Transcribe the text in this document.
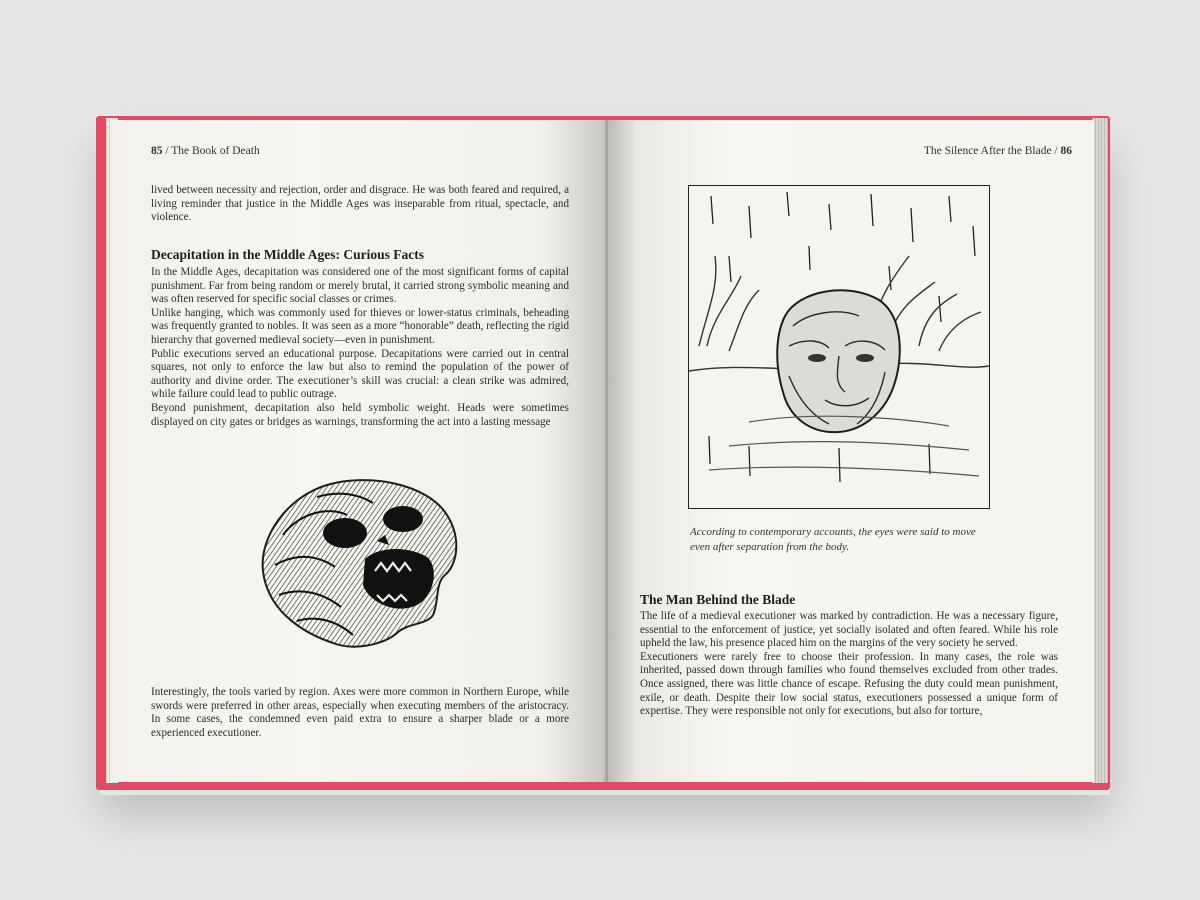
85 / The Book of Death

lived between necessity and rejection, order and disgrace. He was both feared and required, a living reminder that justice in the Middle Ages was inseparable from ritual, spectacle, and violence.

Decapitation in the Middle Ages: Curious Facts

In the Middle Ages, decapitation was considered one of the most significant forms of capital punishment. Far from being random or merely brutal, it carried strong symbolic meaning and was often reserved for specific social classes or crimes.

Unlike hanging, which was commonly used for thieves or lower-status criminals, beheading was frequently granted to nobles. It was seen as a more “honorable” death, reflecting the rigid hierarchy that governed medieval society—even in punishment.

Public executions served an educational purpose. Decapitations were carried out in central squares, not only to enforce the law but also to remind the population of the power of authority and divine order. The executioner’s skill was crucial: a clean strike was admired, while failure could lead to public outrage.

Beyond punishment, decapitation also held symbolic weight. Heads were sometimes displayed on city gates or bridges as warnings, transforming the act into a lasting message

Interestingly, the tools varied by region. Axes were more common in Northern Europe, while swords were preferred in other areas, especially when executing members of the aristocracy. In some cases, the condemned even paid extra to ensure a sharper blade or a more experienced executioner.

The Silence After the Blade / 86
According to contemporary accounts, the eyes were said to move
even after separation from the body.
The Man Behind the Blade

The life of a medieval executioner was marked by contradiction. He was a necessary figure, essential to the enforcement of justice, yet socially isolated and often feared. While his role upheld the law, his presence placed him on the margins of the very society he served.

Executioners were rarely free to choose their profession. In many cases, the role was inherited, passed down through families who found themselves excluded from other trades. Once assigned, there was little chance of escape. Refusing the duty could mean punishment, exile, or death. Despite their low social status, executioners possessed a unique form of expertise. They were responsible not only for executions, but also for torture,
